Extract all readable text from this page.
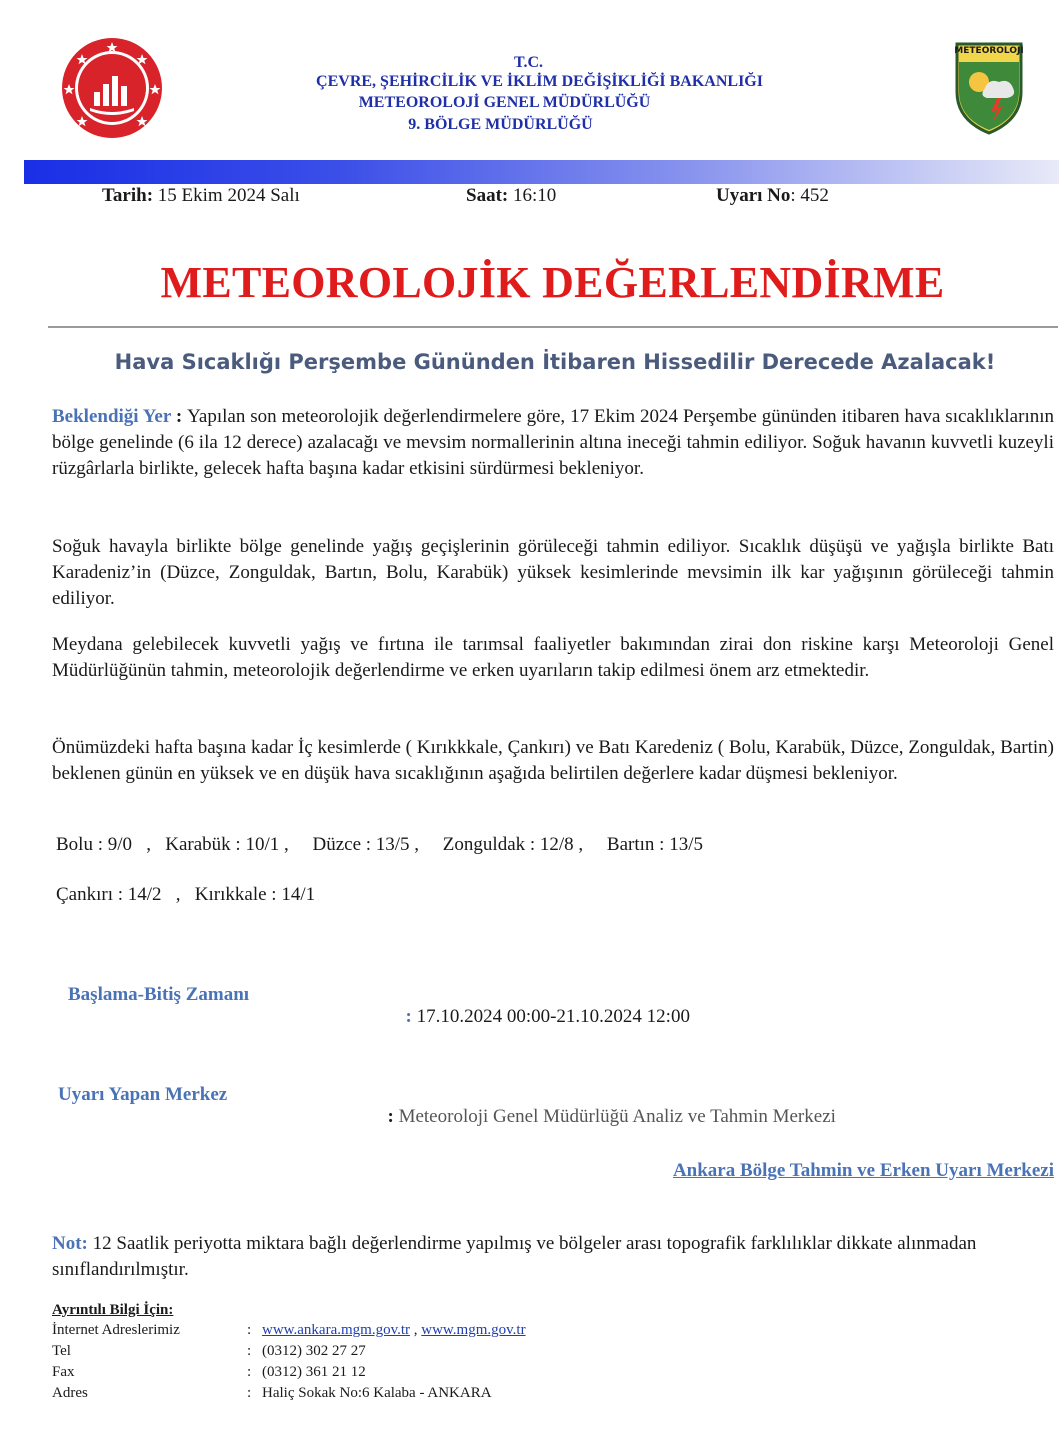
T.C.
ÇEVRE, ŞEHİRCİLİK VE İKLİM DEĞİŞİKLİĞİ BAKANLIĞI
METEOROLOJİ GENEL MÜDÜRLÜĞÜ
9. BÖLGE MÜDÜRLÜĞÜ
METEOROLOJİ
Tarih: 15 Ekim 2024 Salı	Saat: 16:10	Uyarı No: 452
METEOROLOJİK DEĞERLENDİRME
Hava Sıcaklığı Perşembe Gününden İtibaren Hissedilir Derecede Azalacak!
Beklendiği Yer : Yapılan son meteorolojik değerlendirmelere göre, 17 Ekim 2024 Perşembe gününden itibaren hava sıcaklıklarının bölge genelinde (6 ila 12 derece) azalacağı ve mevsim normallerinin altına ineceği tahmin ediliyor. Soğuk havanın kuvvetli kuzeyli rüzgârlarla birlikte, gelecek hafta başına kadar etkisini sürdürmesi bekleniyor.
Soğuk havayla birlikte bölge genelinde yağış geçişlerinin görüleceği tahmin ediliyor. Sıcaklık düşüşü ve yağışla birlikte Batı Karadeniz’in (Düzce, Zonguldak, Bartın, Bolu, Karabük) yüksek kesimlerinde mevsimin ilk kar yağışının görüleceği tahmin ediliyor.
Meydana gelebilecek kuvvetli yağış ve fırtına ile tarımsal faaliyetler bakımından zirai don riskine karşı Meteoroloji Genel Müdürlüğünün tahmin, meteorolojik değerlendirme ve erken uyarıların takip edilmesi önem arz etmektedir.
Önümüzdeki hafta başına kadar İç kesimlerde ( Kırıkkkale, Çankırı) ve Batı Karedeniz ( Bolu, Karabük, Düzce, Zonguldak, Bartin) beklenen günün en yüksek ve en düşük hava sıcaklığının aşağıda belirtilen değerlere kadar düşmesi bekleniyor.
Bolu : 9/0   ,   Karabük : 10/1 ,     Düzce : 13/5 ,     Zonguldak : 12/8 ,     Bartın : 13/5
Çankırı : 14/2   ,   Kırıkkale : 14/1
Başlama-Bitiş Zamanı

: 17.10.2024 00:00-21.10.2024 12:00

Uyarı Yapan Merkez

: Meteoroloji Genel Müdürlüğü Analiz ve Tahmin Merkezi

Ankara Bölge Tahmin ve Erken Uyarı Merkezi
Not: 12 Saatlik periyotta miktara bağlı değerlendirme yapılmış ve bölgeler arası topografik farklılıklar dikkate alınmadan sınıflandırılmıştır.
Ayrıntılı Bilgi İçin:
İnternet Adreslerimiz	: www.ankara.mgm.gov.tr , www.mgm.gov.tr
Tel	: (0312) 302 27 27
Fax	: (0312) 361 21 12
Adres	: Haliç Sokak No:6 Kalaba - ANKARA
